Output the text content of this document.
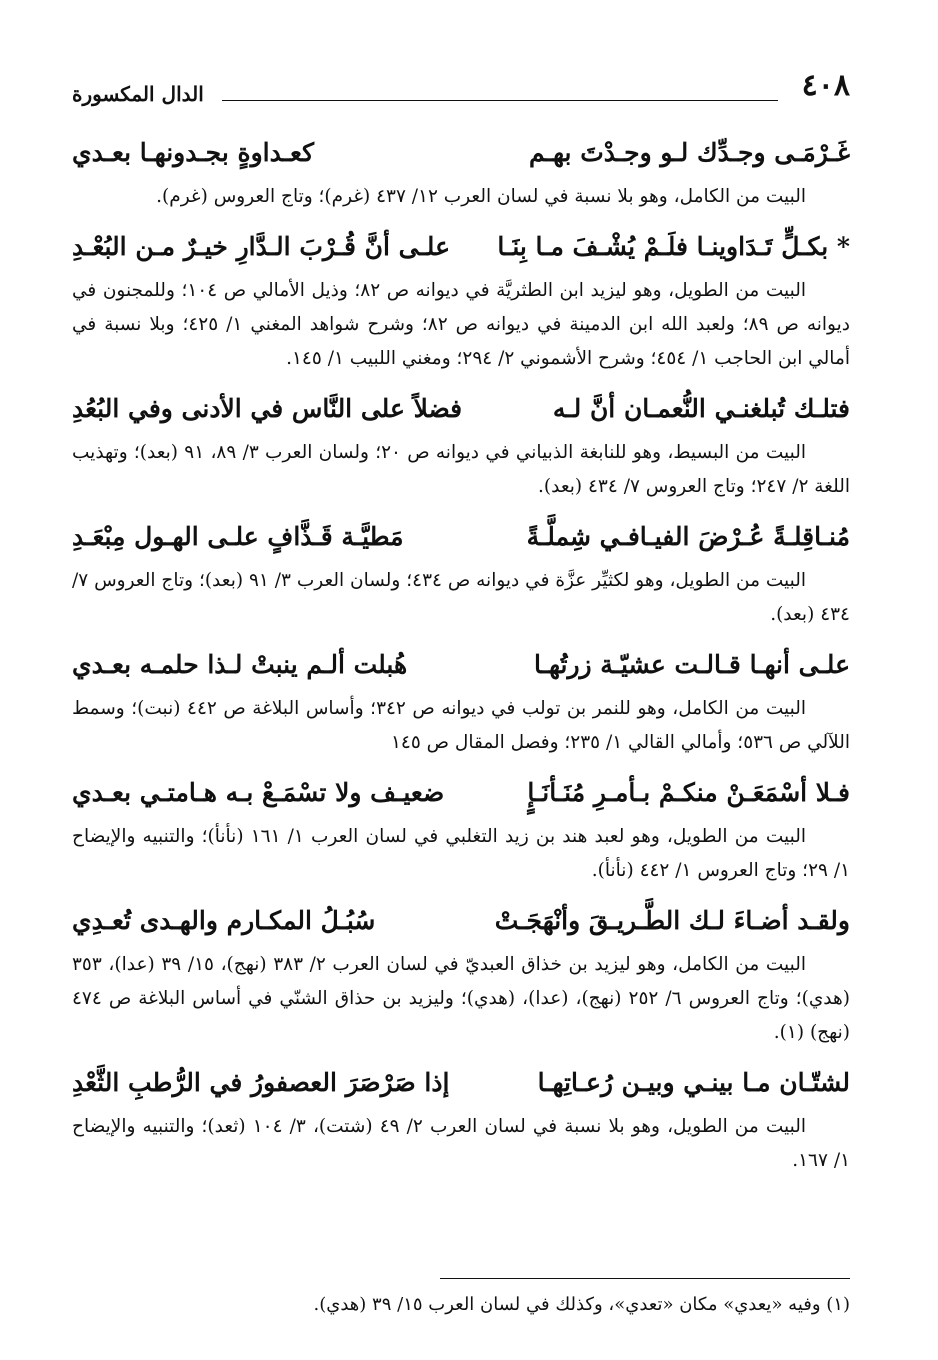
٤٠٨
الدال المكسورة
غَـرْمَـى وجـدِّك لـو وجـدْتَ بهـم
كعـداوةٍ بجـدونهـا بعـدي

البيت من الكامل، وهو بلا نسبة في لسان العرب ١٢/ ٤٣٧ (غرم)؛ وتاج العروس (غرم).

* بكـلٍّ تَـدَاوينـا فلَـمْ يُشْـفَ مـا بِنَـا
علـى أنَّ قُـرْبَ الـدَّارِ خيـرٌ مـن البُعْـدِ

البيت من الطويل، وهو ليزيد ابن الطثريَّة في ديوانه ص ٨٢؛ وذيل الأمالي ص ١٠٤؛ وللمجنون في ديوانه ص ٨٩؛ ولعبد الله ابن الدمينة في ديوانه ص ٨٢؛ وشرح شواهد المغني ١/ ٤٢٥؛ وبلا نسبة في أمالي ابن الحاجب ١/ ٤٥٤؛ وشرح الأشموني ٢/ ٢٩٤؛ ومغني اللبيب ١/ ١٤٥.

فتلـك تُبلغنـي النُّعمـان أنَّ لـه
فضلاً على النَّاس في الأدنى وفي البُعُدِ

البيت من البسيط، وهو للنابغة الذبياني في ديوانه ص ٢٠؛ ولسان العرب ٣/ ٨٩، ٩١ (بعد)؛ وتهذيب اللغة ٢/ ٢٤٧؛ وتاج العروس ٧/ ٤٣٤ (بعد).

مُنـاقِلـةً عُـرْضَ الفيـافـي شِملَّـةً
مَطيَّـة قَـذَّافٍ علـى الهـول مِبْعَـدِ

البيت من الطويل، وهو لكثيِّر عزَّة في ديوانه ص ٤٣٤؛ ولسان العرب ٣/ ٩١ (بعد)؛ وتاج العروس ٧/ ٤٣٤ (بعد).

علـى أنهـا قـالـت عشيّـة زرتُهـا
هُبلت ألـم ينبتْ لـذا حلمـه بعـدي

البيت من الكامل، وهو للنمر بن تولب في ديوانه ص ٣٤٢؛ وأساس البلاغة ص ٤٤٢ (نبت)؛ وسمط اللآلي ص ٥٣٦؛ وأمالي القالي ١/ ٢٣٥؛ وفصل المقال ص ١٤٥

فـلا أسْمَعَـنْ منكـمْ بـأمـرِ مُنَـأنَـإٍ
ضعيـف ولا تسْمَـعْ بـه هـامتـي بعـدي

البيت من الطويل، وهو لعبد هند بن زيد التغلبي في لسان العرب ١/ ١٦١ (نأنأ)؛ والتنبيه والإيضاح ١/ ٢٩؛ وتاج العروس ١/ ٤٤٢ (نأنأ).

ولقـد أضـاءَ لـك الطَّـريـقَ وأنْهَجَـتْ
سُبُـلُ المكـارم والهـدى تُعـدِي

البيت من الكامل، وهو ليزيد بن خذاق العبديّ في لسان العرب ٢/ ٣٨٣ (نهج)، ١٥/ ٣٩ (عدا)، ٣٥٣ (هدي)؛ وتاج العروس ٦/ ٢٥٢ (نهج)، (عدا)، (هدي)؛ وليزيد بن حذاق الشنّي في أساس البلاغة ص ٤٧٤ (نهج) (١).

لشتّـان مـا بينـي وبيـن رُعـاتِهـا
إذا صَرْصَرَ العصفورُ في الرُّطبِ الثَّعْدِ

البيت من الطويل، وهو بلا نسبة في لسان العرب ٢/ ٤٩ (شتت)، ٣/ ١٠٤ (ثعد)؛ والتنبيه والإيضاح ١/ ١٦٧.

(١) وفيه «يعدي» مكان «تعدي»، وكذلك في لسان العرب ١٥/ ٣٩ (هدي).
